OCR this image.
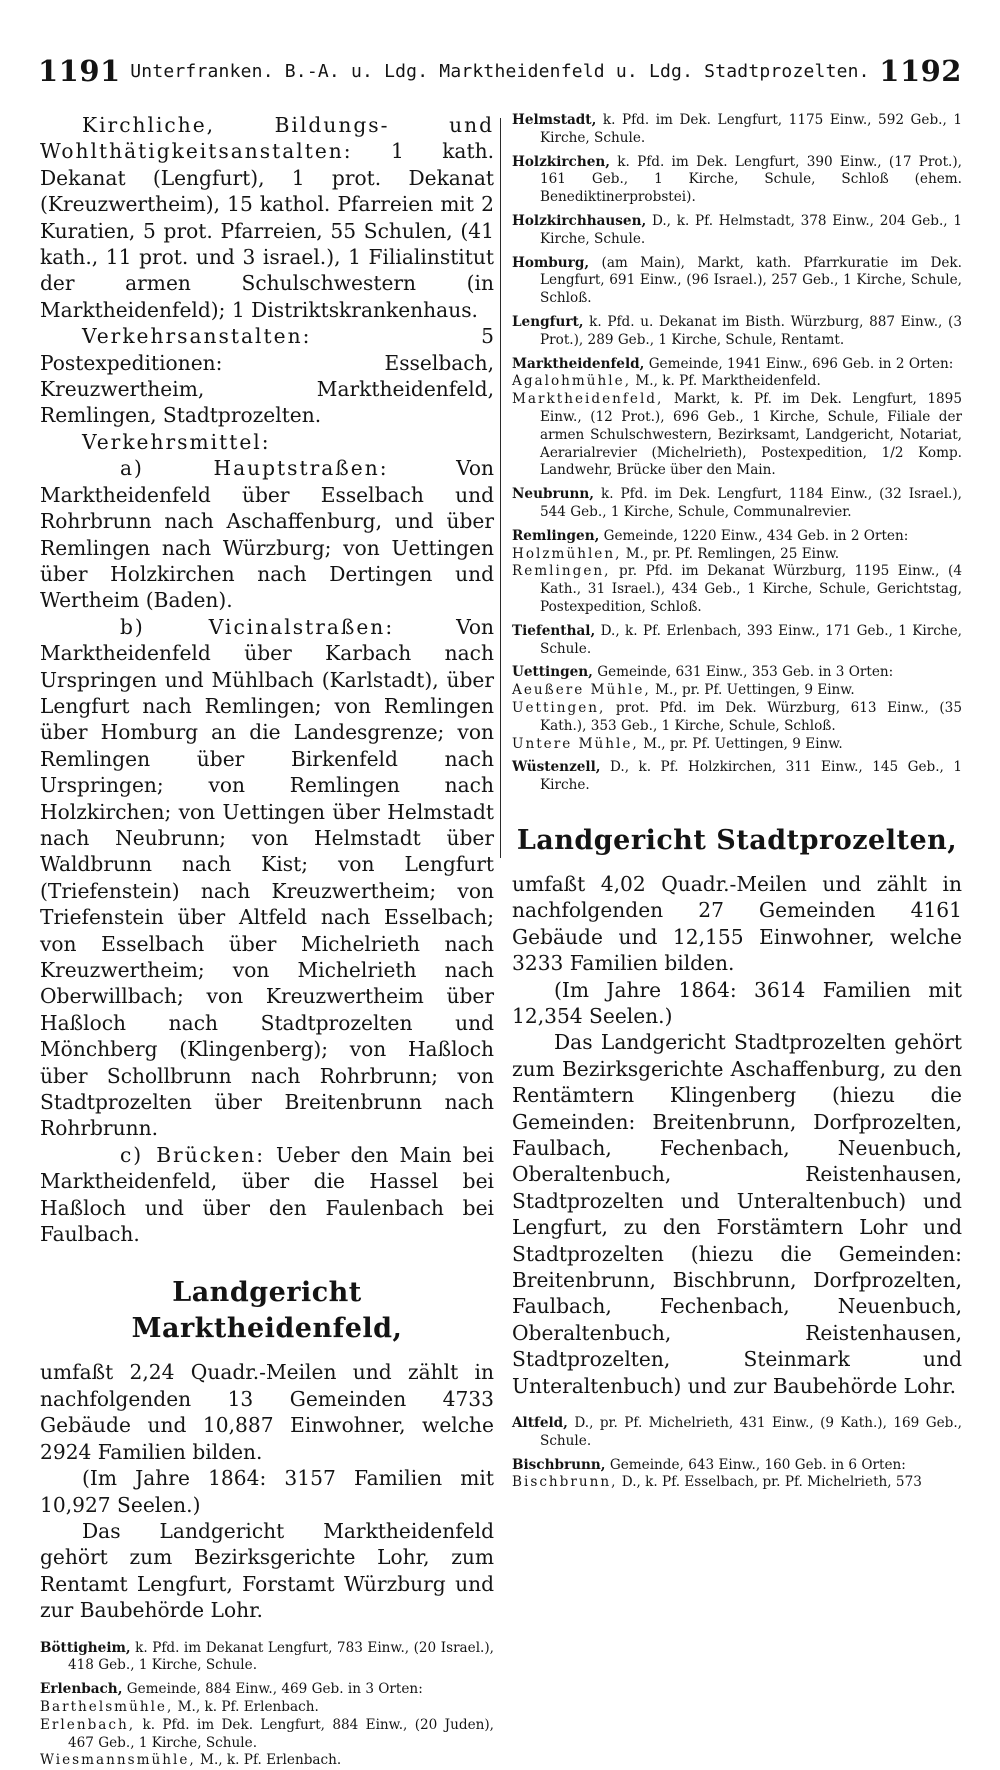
1191 Unterfranken. B.-A. u. Ldg. Marktheidenfeld u. Ldg. Stadtprozelten. 1192

Kirchliche, Bildungs- und Wohlthätigkeitsanstalten: 1 kath. Dekanat (Lengfurt), 1 prot. Dekanat (Kreuzwertheim), 15 kathol. Pfarreien mit 2 Kuratien, 5 prot. Pfarreien, 55 Schulen, (41 kath., 11 prot. und 3 israel.), 1 Filialinstitut der armen Schulschwestern (in Marktheidenfeld); 1 Distriktskrankenhaus.

Verkehrsanstalten:	5 Postexpeditionen: Esselbach, Kreuzwertheim, Marktheidenfeld, Remlingen, Stadtprozelten.

Verkehrsmittel:

a) Hauptstraßen:	Von Marktheidenfeld über Esselbach und Rohrbrunn nach Aschaffenburg, und über Remlingen nach Würzburg; von Uettingen über Holzkirchen nach Dertingen und Wertheim (Baden).

b) Vicinalstraßen:	Von Marktheidenfeld über Karbach nach Urspringen und Mühlbach (Karlstadt), über Lengfurt nach Remlingen; von Remlingen über Homburg an die Landesgrenze; von Remlingen über Birkenfeld nach Urspringen; von Remlingen nach Holzkirchen; von Uettingen über Helmstadt nach Neubrunn; von Helmstadt über Waldbrunn nach Kist; von Lengfurt (Triefenstein) nach Kreuzwertheim; von Triefenstein über Altfeld nach Esselbach; von Esselbach über Michelrieth nach Kreuzwertheim; von Michelrieth nach Oberwillbach; von Kreuzwertheim über Haßloch nach Stadtprozelten und Mönchberg (Klingenberg); von Haßloch über Schollbrunn nach Rohrbrunn; von Stadtprozelten über Breitenbrunn nach Rohrbrunn.

c) Brücken: Ueber den Main bei Marktheidenfeld, über die Hassel bei Haßloch und über den Faulenbach bei Faulbach.

Landgericht Marktheidenfeld,

umfaßt 2,24 Quadr.-Meilen und zählt in nachfolgenden 13 Gemeinden 4733 Gebäude und 10,887 Einwohner, welche 2924 Familien bilden.

(Im Jahre 1864: 3157 Familien mit 10,927 Seelen.)

Das Landgericht Marktheidenfeld gehört zum Bezirksgerichte Lohr, zum Rentamt Lengfurt, Forstamt Würzburg und zur Baubehörde Lohr.

Böttigheim, k. Pfd. im Dekanat Lengfurt, 783 Einw., (20 Israel.), 418 Geb., 1 Kirche, Schule.

Erlenbach, Gemeinde, 884 Einw., 469 Geb. in 3 Orten:

Barthelsmühle, M., k. Pf. Erlenbach.

Erlenbach, k. Pfd. im Dek. Lengfurt, 884 Einw., (20 Juden), 467 Geb., 1 Kirche, Schule.

Wiesmannsmühle, M., k. Pf. Erlenbach.

Helmstadt, k. Pfd. im Dek. Lengfurt, 1175 Einw., 592 Geb., 1 Kirche, Schule.

Holzkirchen, k. Pfd. im Dek. Lengfurt, 390 Einw., (17 Prot.), 161 Geb., 1 Kirche, Schule, Schloß (ehem. Benediktinerprobstei).

Holzkirchhausen, D., k. Pf. Helmstadt, 378 Einw., 204 Geb., 1 Kirche, Schule.

Homburg, (am Main), Markt, kath. Pfarrkuratie im Dek. Lengfurt, 691 Einw., (96 Israel.), 257 Geb., 1 Kirche, Schule, Schloß.

Lengfurt, k. Pfd. u. Dekanat im Bisth. Würzburg, 887 Einw., (3 Prot.), 289 Geb., 1 Kirche, Schule, Rentamt.

Marktheidenfeld, Gemeinde, 1941 Einw., 696 Geb. in 2 Orten:

Agalohmühle, M., k. Pf. Marktheidenfeld.

Marktheidenfeld, Markt, k. Pf. im Dek. Lengfurt, 1895 Einw., (12 Prot.), 696 Geb., 1 Kirche, Schule, Filiale der armen Schulschwestern, Bezirksamt, Landgericht, Notariat, Aerarialrevier (Michelrieth), Postexpedition, 1/2 Komp. Landwehr, Brücke über den Main.

Neubrunn, k. Pfd. im Dek. Lengfurt, 1184 Einw., (32 Israel.), 544 Geb., 1 Kirche, Schule, Communalrevier.

Remlingen, Gemeinde, 1220 Einw., 434 Geb. in 2 Orten:

Holzmühlen, M., pr. Pf. Remlingen, 25 Einw.

Remlingen, pr. Pfd. im Dekanat Würzburg, 1195 Einw., (4 Kath., 31 Israel.), 434 Geb., 1 Kirche, Schule, Gerichtstag, Postexpedition, Schloß.

Tiefenthal, D., k. Pf. Erlenbach, 393 Einw., 171 Geb., 1 Kirche, Schule.

Uettingen, Gemeinde, 631 Einw., 353 Geb. in 3 Orten:

Aeußere Mühle, M., pr. Pf. Uettingen, 9 Einw.

Uettingen, prot. Pfd. im Dek. Würzburg, 613 Einw., (35 Kath.), 353 Geb., 1 Kirche, Schule, Schloß.

Untere Mühle, M., pr. Pf. Uettingen, 9 Einw.

Wüstenzell, D., k. Pf. Holzkirchen, 311 Einw., 145 Geb., 1 Kirche.

Landgericht Stadtprozelten,

umfaßt 4,02 Quadr.-Meilen und zählt in nachfolgenden 27 Gemeinden 4161 Gebäude und 12,155 Einwohner, welche 3233 Familien bilden.

(Im Jahre 1864: 3614 Familien mit 12,354 Seelen.)

Das Landgericht Stadtprozelten gehört zum Bezirksgerichte Aschaffenburg, zu den Rentämtern Klingenberg (hiezu die Gemeinden: Breitenbrunn, Dorfprozelten, Faulbach, Fechenbach, Neuenbuch, Oberaltenbuch, Reistenhausen, Stadtprozelten und Unteraltenbuch) und Lengfurt, zu den Forstämtern Lohr und Stadtprozelten (hiezu die Gemeinden: Breitenbrunn, Bischbrunn, Dorfprozelten, Faulbach, Fechenbach, Neuenbuch, Oberaltenbuch, Reistenhausen, Stadtprozelten, Steinmark und Unteraltenbuch) und zur Baubehörde Lohr.

Altfeld, D., pr. Pf. Michelrieth, 431 Einw., (9 Kath.), 169 Geb., Schule.

Bischbrunn, Gemeinde, 643 Einw., 160 Geb. in 6 Orten:

Bischbrunn, D., k. Pf. Esselbach, pr. Pf. Michelrieth, 573
